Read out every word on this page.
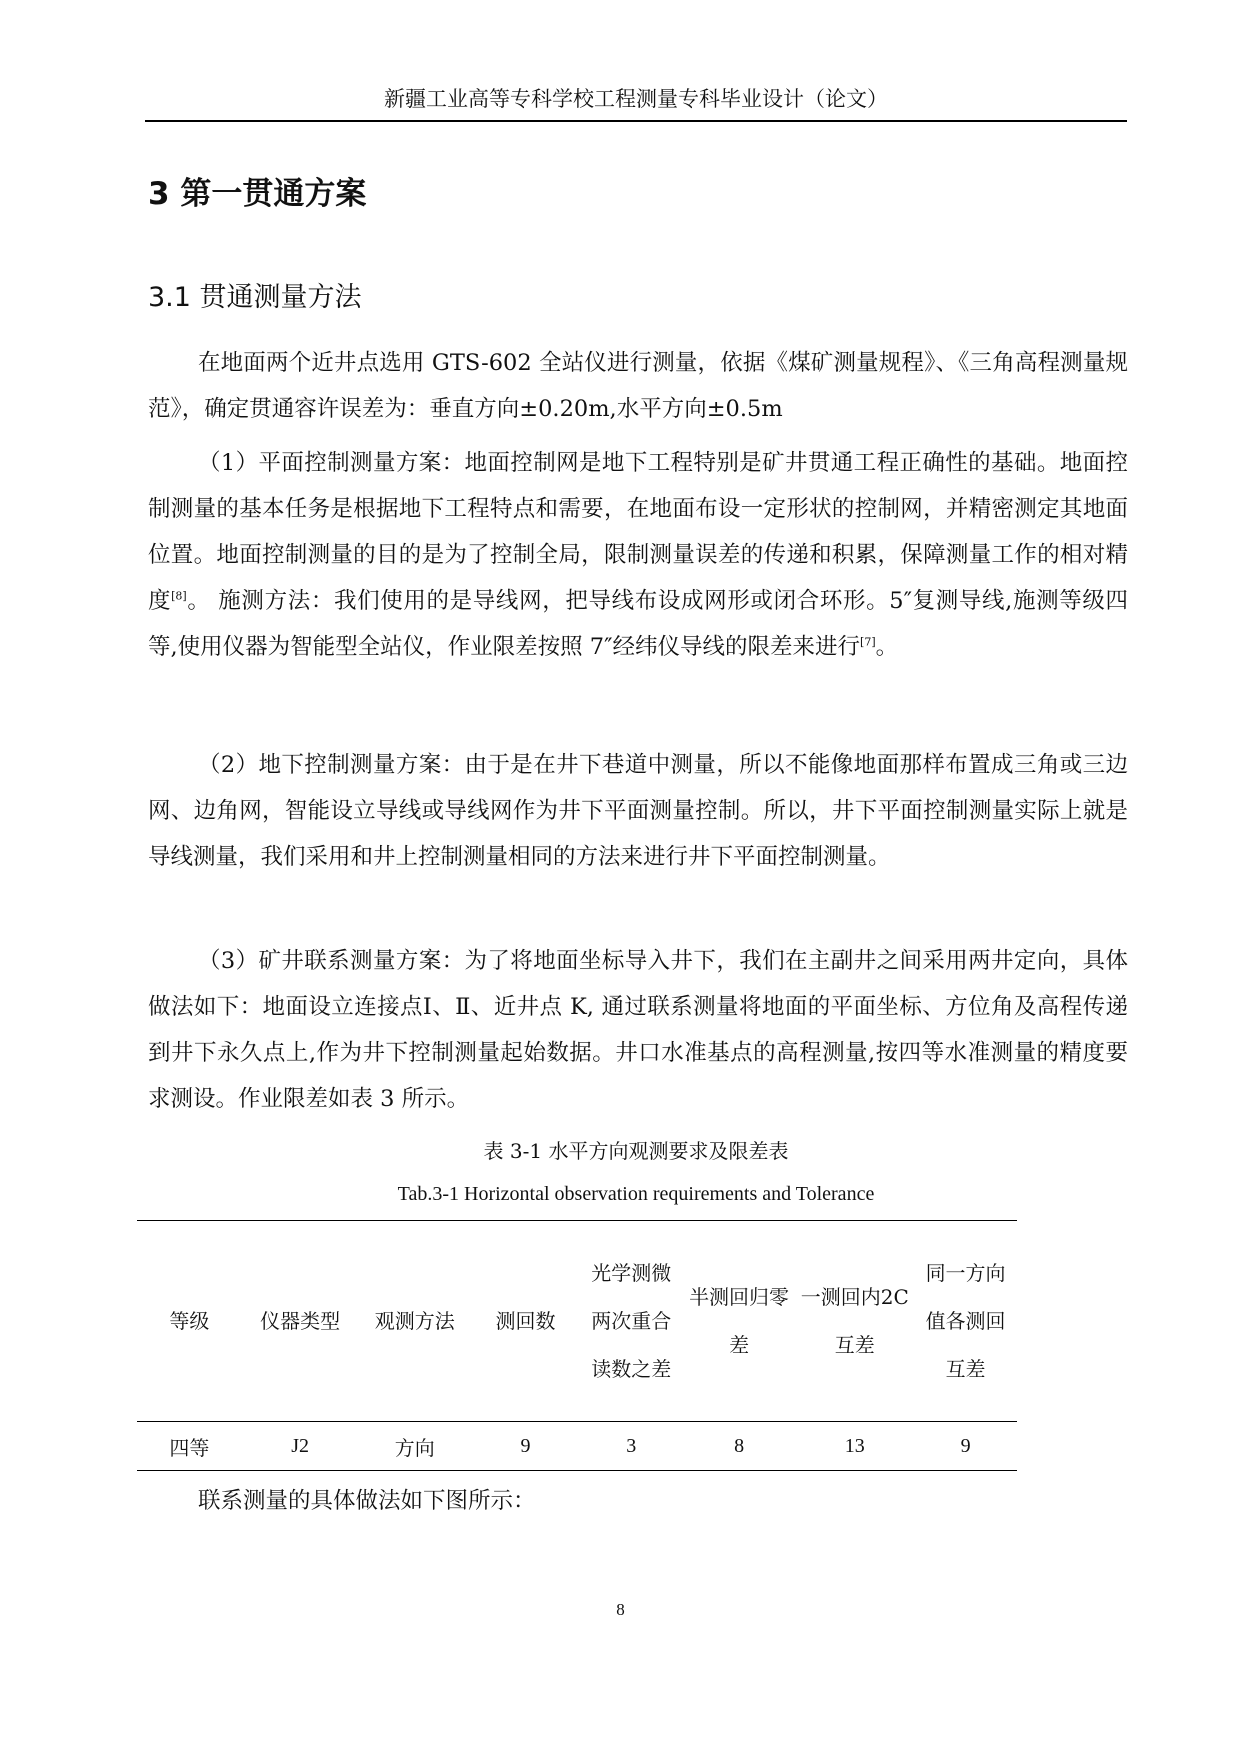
新疆工业高等专科学校工程测量专科毕业设计（论文）
3 第一贯通方案
3.1 贯通测量方法

在地面两个近井点选用 GTS-602 全站仪进行测量，依据《煤矿测量规程》、《三角高程测量规范》，确定贯通容许误差为：垂直方向±0.20m,水平方向±0.5m

（1）平面控制测量方案：地面控制网是地下工程特别是矿井贯通工程正确性的基础。地面控制测量的基本任务是根据地下工程特点和需要，在地面布设一定形状的控制网，并精密测定其地面位置。地面控制测量的目的是为了控制全局，限制测量误差的传递和积累，保障测量工作的相对精度[8]。 施测方法：我们使用的是导线网，把导线布设成网形或闭合环形。5″复测导线,施测等级四等,使用仪器为智能型全站仪，作业限差按照 7″经纬仪导线的限差来进行[7]。

（2）地下控制测量方案：由于是在井下巷道中测量，所以不能像地面那样布置成三角或三边网、边角网，智能设立导线或导线网作为井下平面测量控制。所以，井下平面控制测量实际上就是导线测量，我们采用和井上控制测量相同的方法来进行井下平面控制测量。

（3）矿井联系测量方案：为了将地面坐标导入井下，我们在主副井之间采用两井定向，具体做法如下：地面设立连接点Ⅰ、Ⅱ、近井点 K, 通过联系测量将地面的平面坐标、方位角及高程传递到井下永久点上,作为井下控制测量起始数据。井口水准基点的高程测量,按四等水准测量的精度要求测设。作业限差如表 3 所示。

表 3-1 水平方向观测要求及限差表

Tab.3-1 Horizontal observation requirements and Tolerance

等级	仪器类型	观测方法	测回数	光学测微两次重合读数之差	半测回归零差	一测回内2C 互差	同一方向值各测回互差
四等	J2	方向	9	3	8	13	9

联系测量的具体做法如下图所示：

8
